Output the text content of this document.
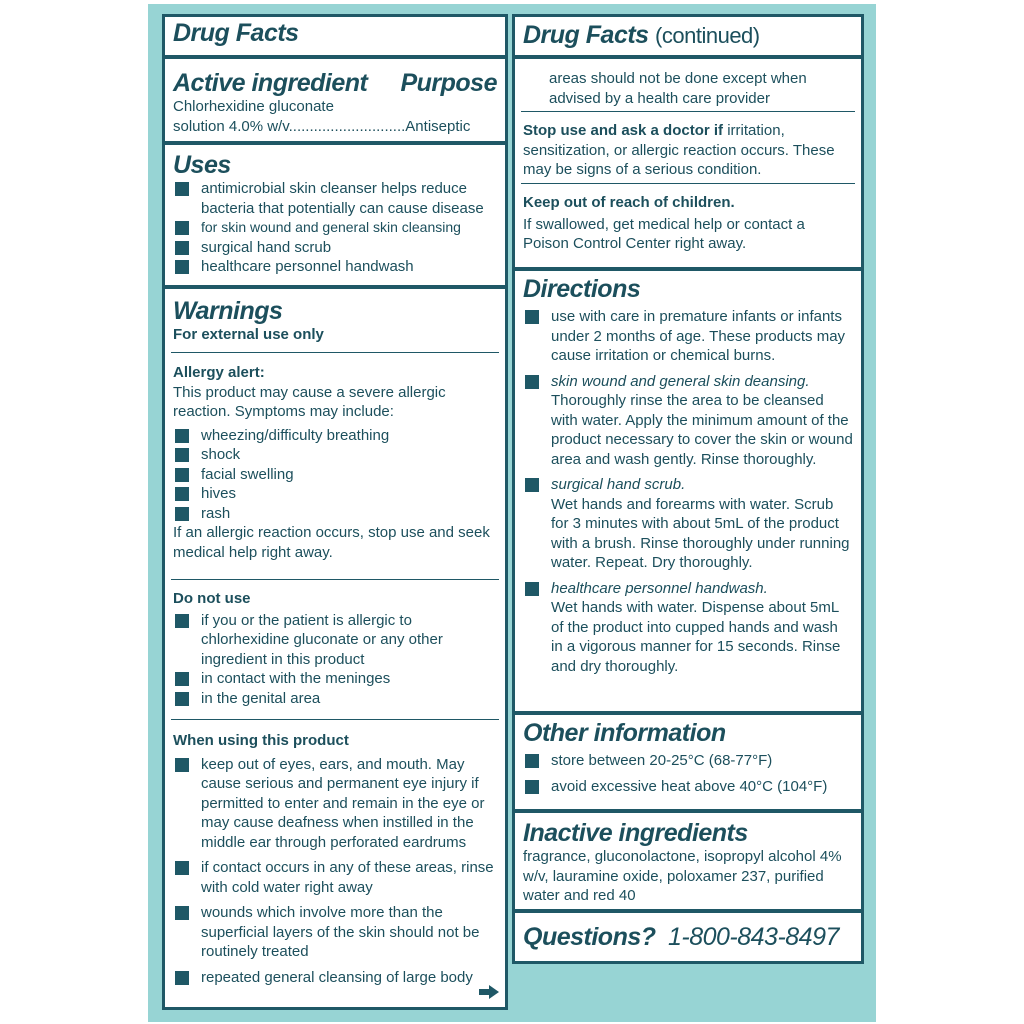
Drug Facts
Active ingredient Purpose
Chlorhexidine gluconate
solution 4.0% w/v............................Antiseptic
Uses
antimicrobial skin cleanser helps reduce bacteria that potentially can cause disease
for skin wound and general skin cleansing
surgical hand scrub
healthcare personnel handwash
Warnings
For external use only
Allergy alert:
This product may cause a severe allergic reaction. Symptoms may include:
wheezing/difficulty breathing
shock
facial swelling
hives
rash
If an allergic reaction occurs, stop use and seek medical help right away.
Do not use
if you or the patient is allergic to chlorhexidine gluconate or any other ingredient in this product
in contact with the meninges
in the genital area
When using this product
keep out of eyes, ears, and mouth. May cause serious and permanent eye injury if permitted to enter and remain in the eye or may cause deafness when instilled in the middle ear through perforated eardrums
if contact occurs in any of these areas, rinse with cold water right away
wounds which involve more than the superficial layers of the skin should not be routinely treated
repeated general cleansing of large body
Drug Facts (continued)
areas should not be done except when advised by a health care provider
Stop use and ask a doctor if irritation, sensitization, or allergic reaction occurs. These may be signs of a serious condition.
Keep out of reach of children.
If swallowed, get medical help or contact a Poison Control Center right away.
Directions
use with care in premature infants or infants under 2 months of age. These products may cause irritation or chemical burns.
skin wound and general skin deansing.
Thoroughly rinse the area to be cleansed with water. Apply the minimum amount of the product necessary to cover the skin or wound area and wash gently. Rinse thoroughly.
surgical hand scrub.
Wet hands and forearms with water. Scrub for 3 minutes with about 5mL of the product with a brush. Rinse thoroughly under running water. Repeat. Dry thoroughly.
healthcare personnel handwash.
Wet hands with water. Dispense about 5mL of the product into cupped hands and wash in a vigorous manner for 15 seconds. Rinse and dry thoroughly.
Other information
store between 20-25°C (68-77°F)
avoid excessive heat above 40°C (104°F)
Inactive ingredients
fragrance, gluconolactone, isopropyl alcohol 4% w/v, lauramine oxide, poloxamer 237, purified water and red 40
Questions? 1-800-843-8497
